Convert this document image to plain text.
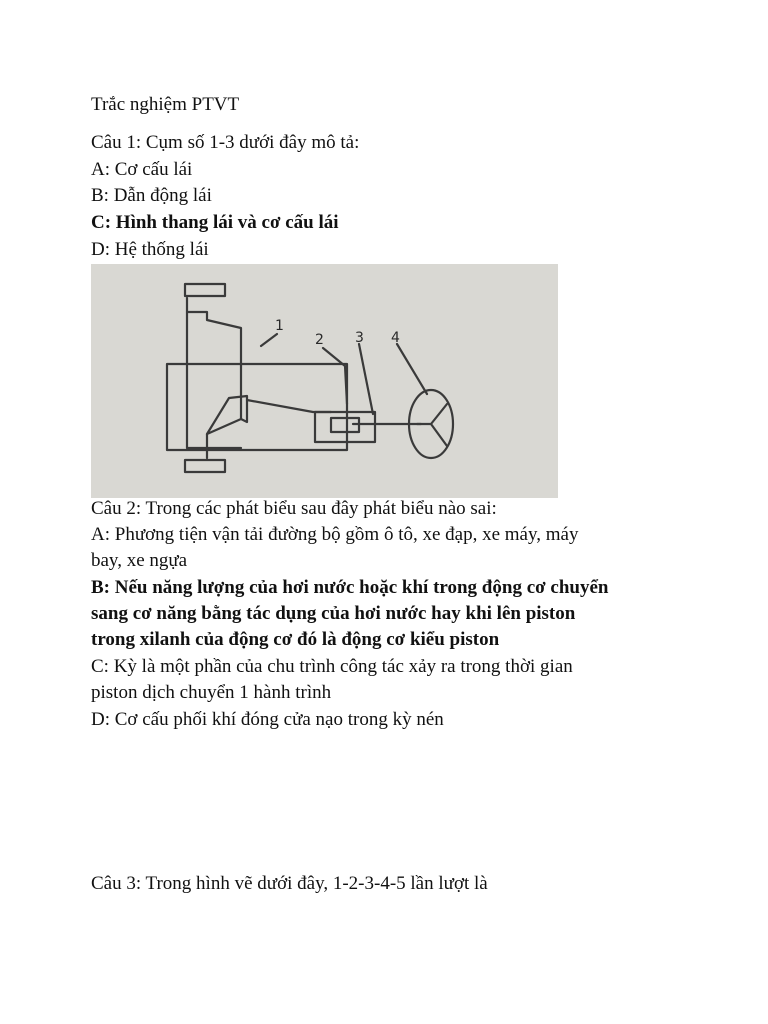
Trắc nghiệm PTVT

Câu 1: Cụm số 1-3 dưới đây mô tả:

A: Cơ cấu lái

B: Dẫn động lái

C: Hình thang lái và cơ cấu lái

D: Hệ thống lái

1
2 3 4

Câu 2: Trong các phát biểu sau đây phát biểu nào sai:

A: Phương tiện vận tải đường bộ gồm ô tô, xe đạp, xe máy, máy

bay, xe ngựa

B: Nếu năng lượng của hơi nước hoặc khí trong động cơ chuyển

sang cơ năng bằng tác dụng của hơi nước hay khi lên piston

trong xilanh của động cơ đó là động cơ kiểu piston

C: Kỳ là một phần của chu trình công tác xảy ra trong thời gian

piston dịch chuyển 1 hành trình

D: Cơ cấu phối khí đóng cửa nạo trong kỳ nén

Câu 3: Trong hình vẽ dưới đây, 1-2-3-4-5 lần lượt là
